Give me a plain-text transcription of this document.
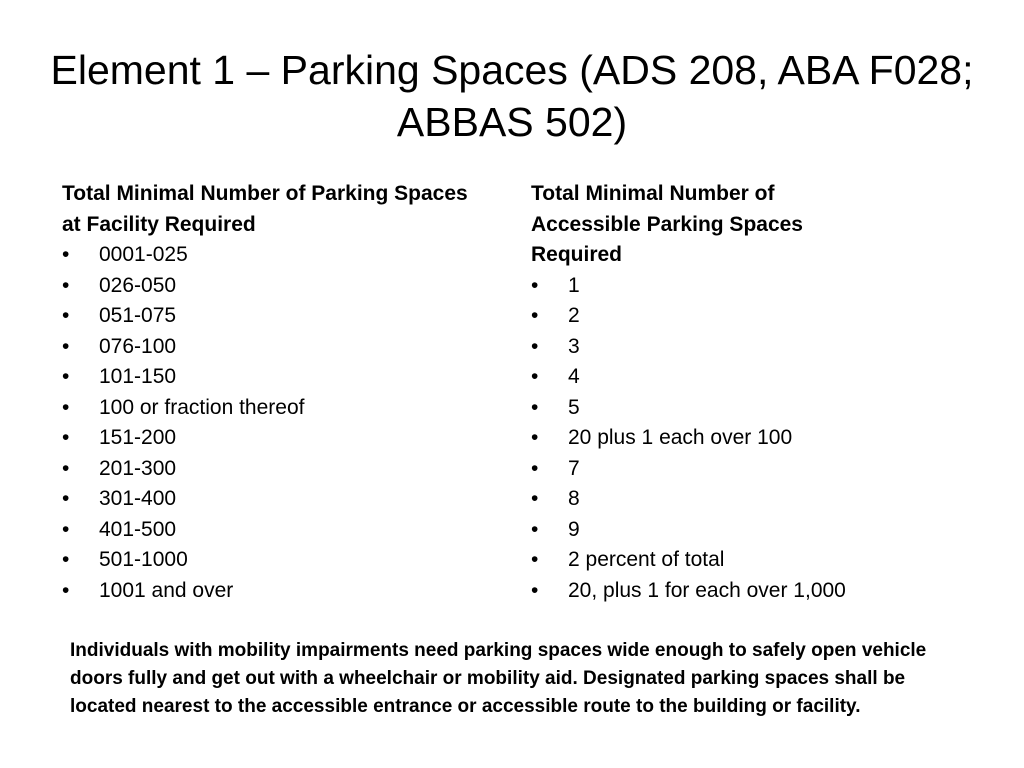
Element 1 – Parking Spaces (ADS 208, ABA F028; ABBAS 502)
Total Minimal Number of Parking Spaces at Facility Required
• 0001-025
• 026-050
• 051-075
• 076-100
• 101-150
• 100 or fraction thereof
• 151-200
• 201-300
• 301-400
• 401-500
• 501-1000
• 1001 and over
Total Minimal Number of Accessible Parking Spaces Required
• 1
• 2
• 3
• 4
• 5
• 20 plus 1 each over 100
• 7
• 8
• 9
• 2 percent of total
• 20, plus 1 for each over 1,000
Individuals with mobility impairments need parking spaces wide enough to safely open vehicle doors fully and get out with a wheelchair or mobility aid. Designated parking spaces shall be located nearest to the accessible entrance or accessible route to the building or facility.
